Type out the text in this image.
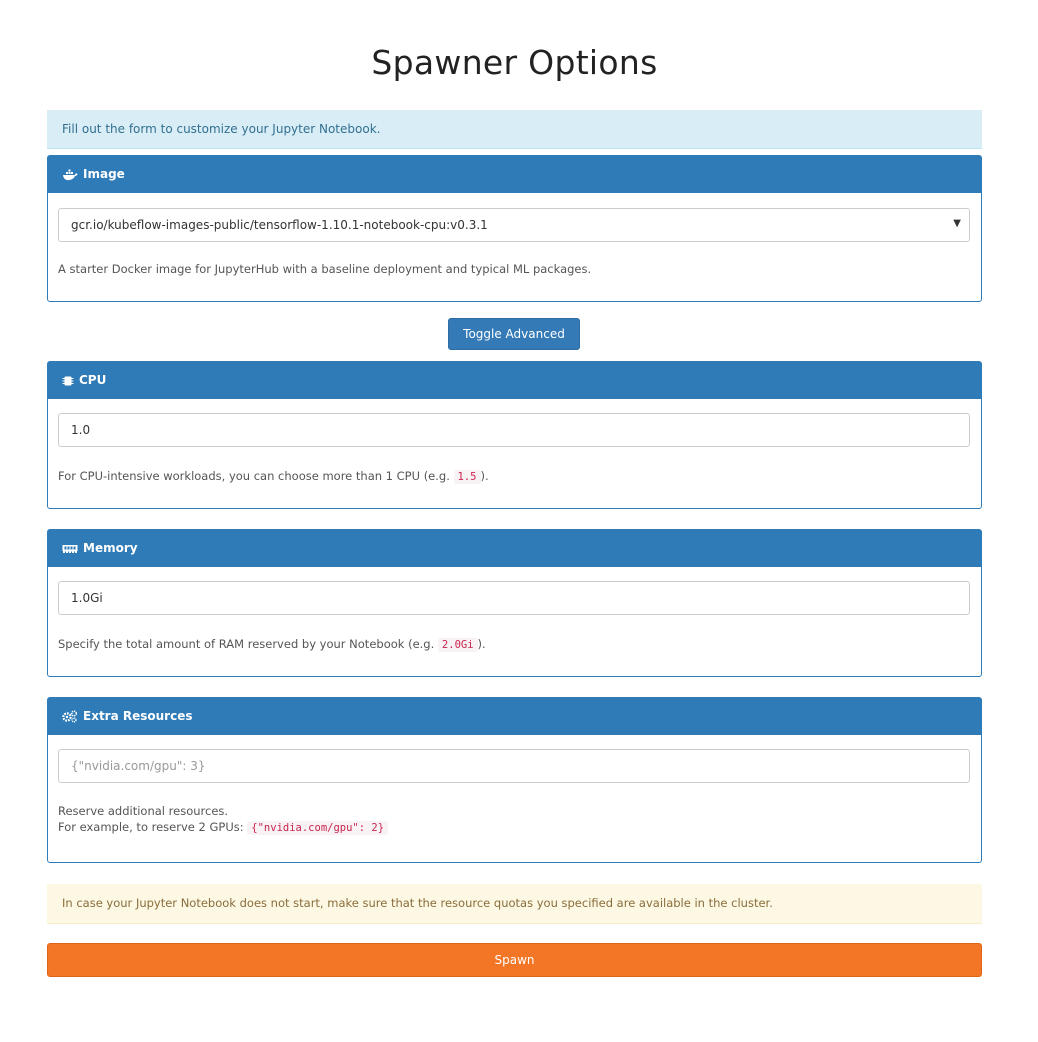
Spawner Options
Fill out the form to customize your Jupyter Notebook.
Image
gcr.io/kubeflow-images-public/tensorflow-1.10.1-notebook-cpu:v0.3.1	▼
A starter Docker image for JupyterHub with a baseline deployment and typical ML packages.
Toggle Advanced
CPU
1.0
For CPU-intensive workloads, you can choose more than 1 CPU (e.g. 1.5 ).
Memory
1.0Gi
Specify the total amount of RAM reserved by your Notebook (e.g. 2.0Gi ).
Extra Resources
{"nvidia.com/gpu": 3}
Reserve additional resources.
For example, to reserve 2 GPUs: {"nvidia.com/gpu": 2}
In case your Jupyter Notebook does not start, make sure that the resource quotas you specified are available in the cluster.
Spawn
